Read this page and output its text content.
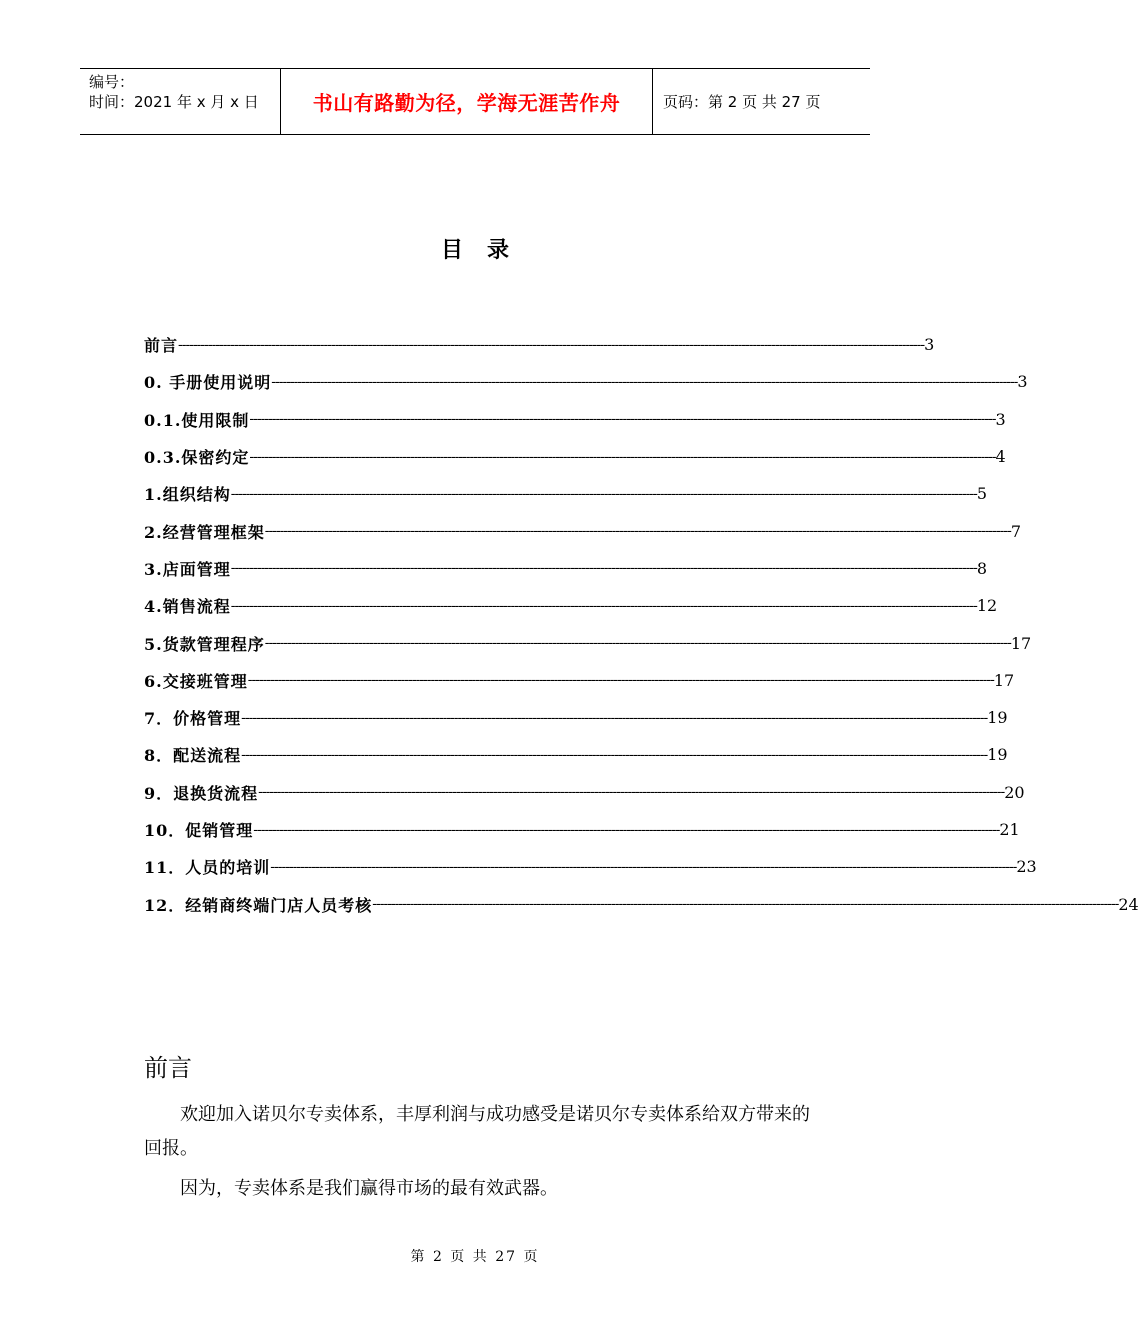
编号：
时间：2021 年 x 月 x 日	书山有路勤为径，学海无涯苦作舟	页码：第 2 页 共 27 页
目录
前言 -------------------------------------------------------------------------------------------------------------------------------------------------------------------------------------------------------- 3
0. 手册使用说明 -------------------------------------------------------------------------------------------------------------------------------------------------------------------------------------------------------- 3
0.1.使用限制 -------------------------------------------------------------------------------------------------------------------------------------------------------------------------------------------------------- 3
0.3.保密约定 -------------------------------------------------------------------------------------------------------------------------------------------------------------------------------------------------------- 4
1.组织结构 -------------------------------------------------------------------------------------------------------------------------------------------------------------------------------------------------------- 5
2.经营管理框架 -------------------------------------------------------------------------------------------------------------------------------------------------------------------------------------------------------- 7
3.店面管理 -------------------------------------------------------------------------------------------------------------------------------------------------------------------------------------------------------- 8
4.销售流程 -------------------------------------------------------------------------------------------------------------------------------------------------------------------------------------------------------- 12
5.货款管理程序 -------------------------------------------------------------------------------------------------------------------------------------------------------------------------------------------------------- 17
6.交接班管理 -------------------------------------------------------------------------------------------------------------------------------------------------------------------------------------------------------- 17
7．价格管理 -------------------------------------------------------------------------------------------------------------------------------------------------------------------------------------------------------- 19
8．配送流程 -------------------------------------------------------------------------------------------------------------------------------------------------------------------------------------------------------- 19
9．退换货流程 -------------------------------------------------------------------------------------------------------------------------------------------------------------------------------------------------------- 20
10．促销管理 -------------------------------------------------------------------------------------------------------------------------------------------------------------------------------------------------------- 21
11．人员的培训 -------------------------------------------------------------------------------------------------------------------------------------------------------------------------------------------------------- 23
12．经销商终端门店人员考核 -------------------------------------------------------------------------------------------------------------------------------------------------------------------------------------------------------- 24
前言
欢迎加入诺贝尔专卖体系，丰厚利润与成功感受是诺贝尔专卖体系给双方带来的回报。
因为，专卖体系是我们赢得市场的最有效武器。
第 2 页 共 27 页
